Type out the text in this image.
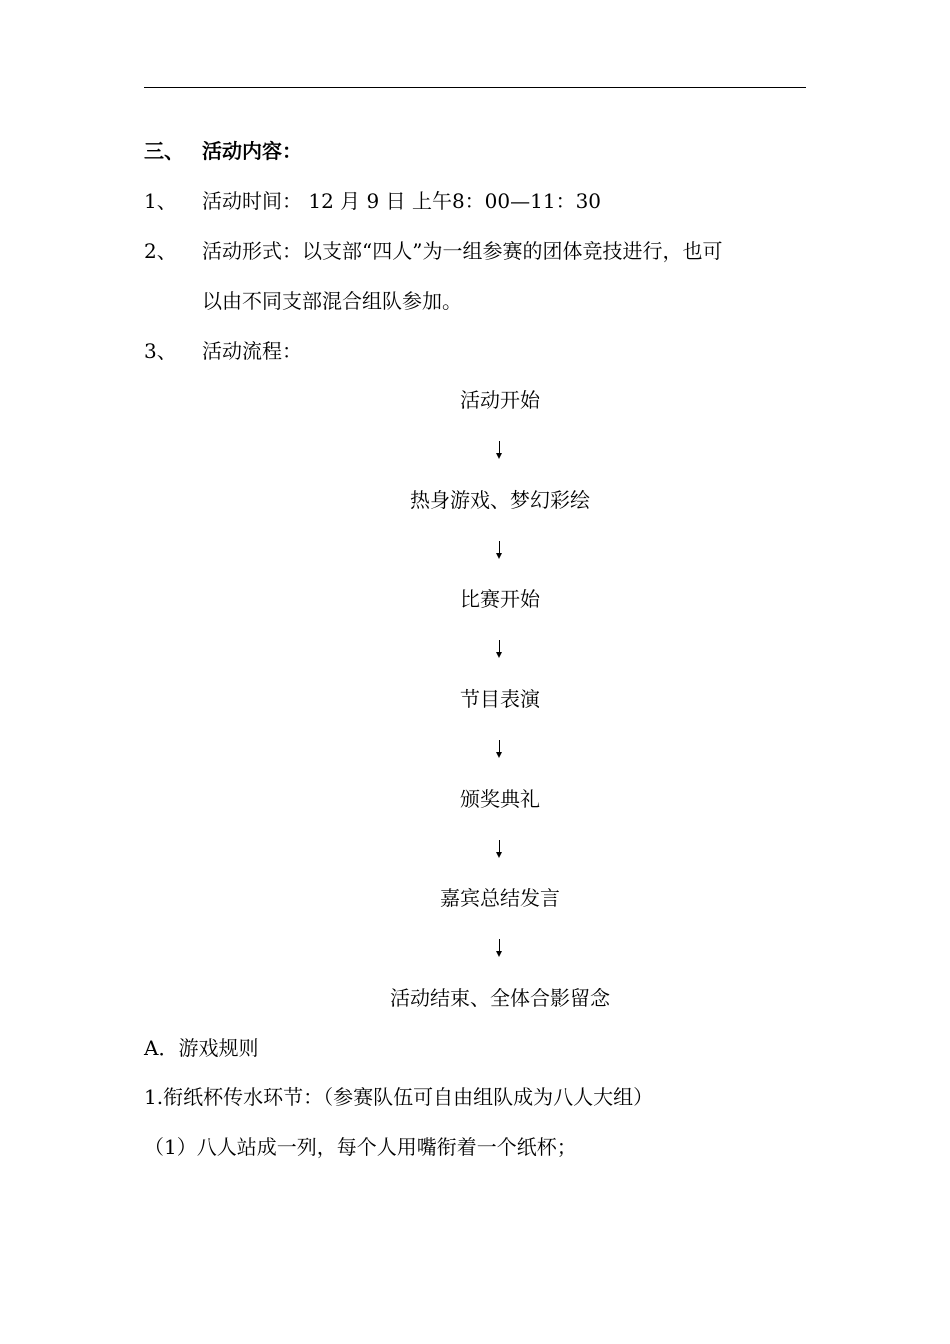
三、 活动内容：
1、 活动时间： 12 月 9 日 上午8：00—11：30
2、 活动形式：以支部“四人”为一组参赛的团体竞技进行，也可
以由不同支部混合组队参加。
3、 活动流程：
活动开始
热身游戏、梦幻彩绘
比赛开始
节目表演
颁奖典礼
嘉宾总结发言
活动结束、全体合影留念
A．游戏规则
1.衔纸杯传水环节：（参赛队伍可自由组队成为八人大组）
（1）八人站成一列，每个人用嘴衔着一个纸杯；
